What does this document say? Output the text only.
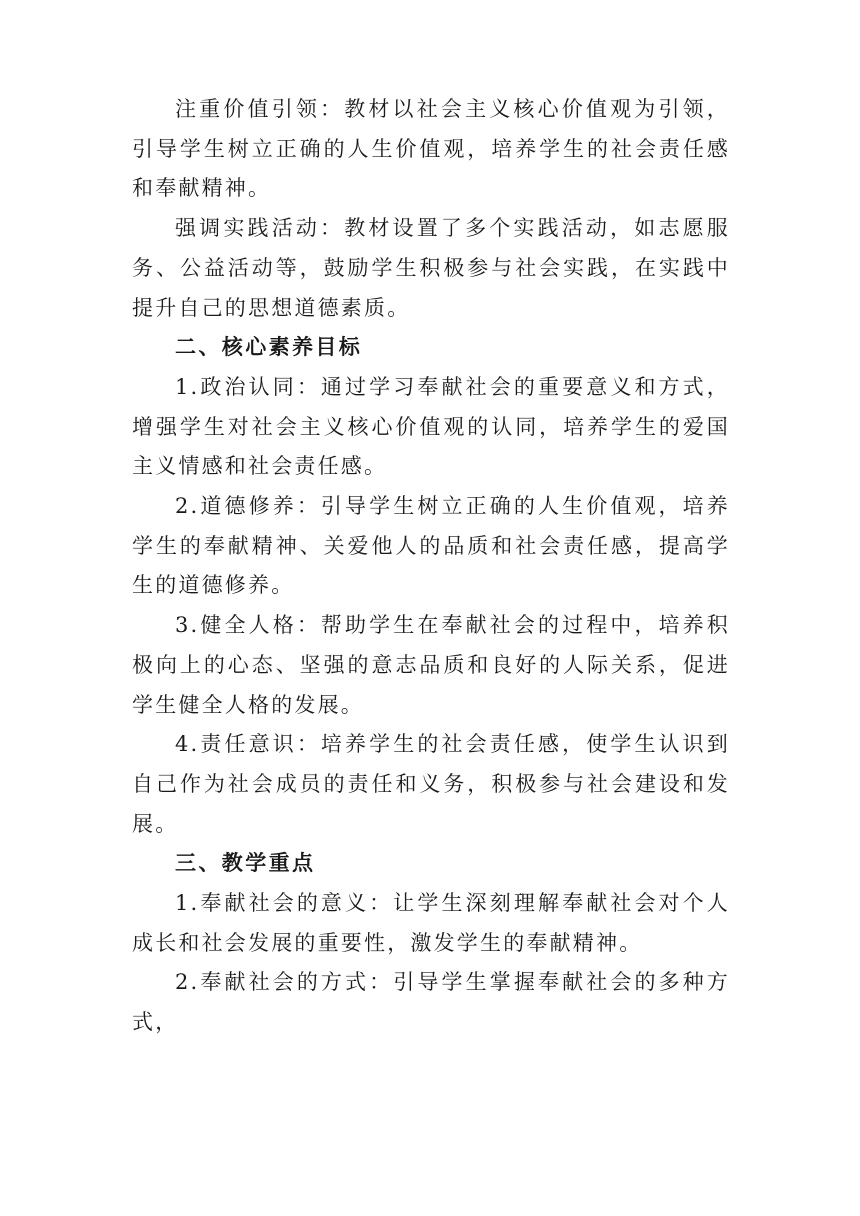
注重价值引领：教材以社会主义核心价值观为引领，引导学生树立正确的人生价值观，培养学生的社会责任感和奉献精神。

强调实践活动：教材设置了多个实践活动，如志愿服务、公益活动等，鼓励学生积极参与社会实践，在实践中提升自己的思想道德素质。

二、核心素养目标

1.政治认同：通过学习奉献社会的重要意义和方式，增强学生对社会主义核心价值观的认同，培养学生的爱国主义情感和社会责任感。

2.道德修养：引导学生树立正确的人生价值观，培养学生的奉献精神、关爱他人的品质和社会责任感，提高学生的道德修养。

3.健全人格：帮助学生在奉献社会的过程中，培养积极向上的心态、坚强的意志品质和良好的人际关系，促进学生健全人格的发展。

4.责任意识：培养学生的社会责任感，使学生认识到自己作为社会成员的责任和义务，积极参与社会建设和发展。

三、教学重点

1.奉献社会的意义：让学生深刻理解奉献社会对个人成长和社会发展的重要性，激发学生的奉献精神。

2.奉献社会的方式：引导学生掌握奉献社会的多种方式，
